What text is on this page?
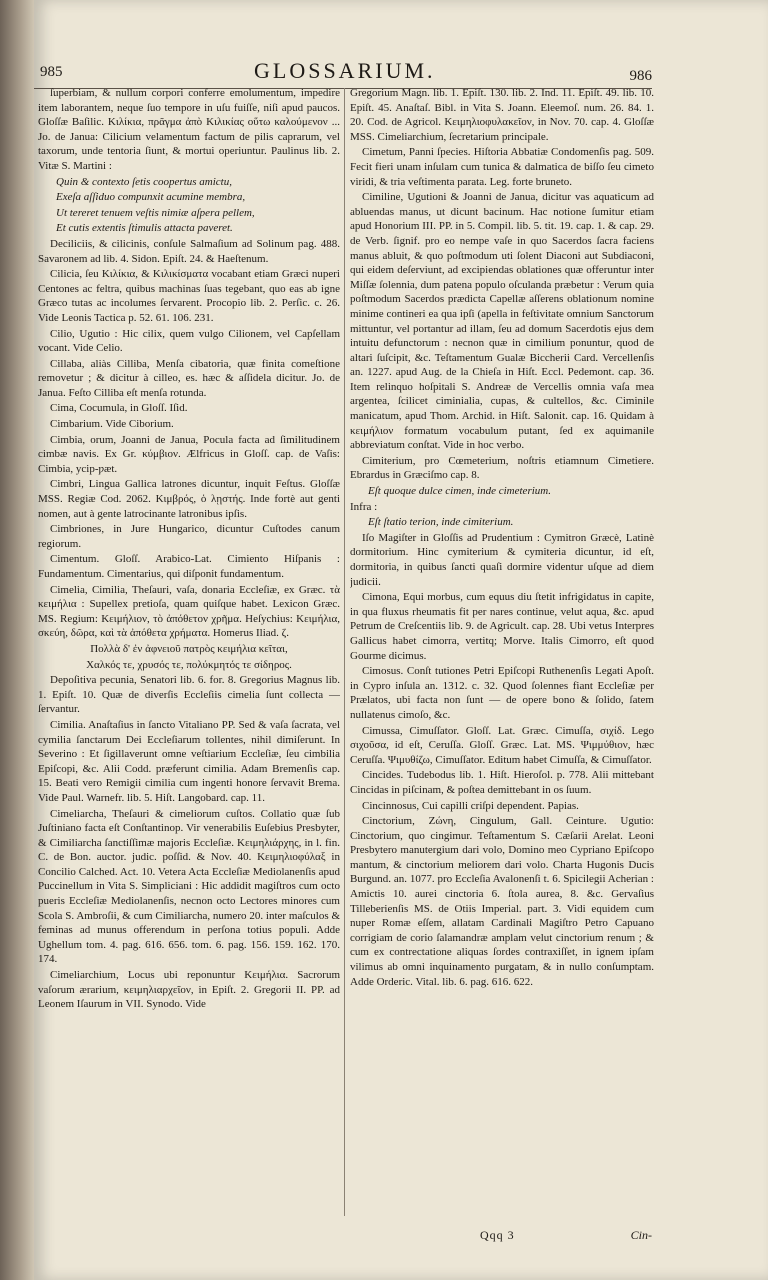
985	GLOSSARIUM.	986

ſuperbiam, & nullum corpori conferre emolumentum, impedire item laborantem, neque ſuo tempore in uſu fuiſſe, niſi apud paucos. Gloſſæ Baſilic. Κιλίκια, πρᾶγμα ἀπὸ Κιλικίας οὕτω καλούμενον ... Jo. de Janua: Cilicium velamentum factum de pilis caprarum, vel taxorum, unde tentoria ſiunt, & mortui operiuntur. Paulinus lib. 2. Vitæ S. Martini :

Quin & contexto ſetis coopertus amictu,

Exeſa aſſiduo compunxit acumine membra,

Ut tereret tenuem veſtis nimiæ aſpera pellem,

Et cutis extentis ſtimulis attacta paveret.

Deciliciis, & cilicinis, conſule Salmaſium ad Solinum pag. 488. Savaronem ad lib. 4. Sidon. Epiſt. 24. & Haeſtenum.

Cilicia, ſeu Κιλίκια, & Κιλικίσματα vocabant etiam Græci nuperi Centones ac feltra, quibus machinas ſuas tegebant, quo eas ab igne Græco tutas ac incolumes ſervarent. Procopio lib. 2. Perſic. c. 26. Vide Leonis Tactica p. 52. 61. 106. 231.

Cilio, Ugutio : Hic cilix, quem vulgo Cilionem, vel Capſellam vocant. Vide Celio.

Cillaba, aliàs Cilliba, Menſa cibatoria, quæ finita comeſtione removetur ; & dicitur à cilleo, es. hæc & aſſidela dicitur. Jo. de Janua. Feſto Cilliba eſt menſa rotunda.

Cima, Cocumula, in Gloſſ. Iſid.

Cimbarium. Vide Ciborium.

Cimbia, orum, Joanni de Janua, Pocula facta ad ſimilitudinem cimbæ navis. Ex Gr. κύμβιον. Ælfricus in Gloſſ. cap. de Vaſis: Cimbia, ycip-ƿæt.

Cimbri, Lingua Gallica latrones dicuntur, inquit Feſtus. Gloſſæ MSS. Regiæ Cod. 2062. Κιμβρός, ὁ λῃστής. Inde fortè aut genti nomen, aut à gente latrocinante latronibus ipſis.

Cimbriones, in Jure Hungarico, dicuntur Cuſtodes canum regiorum.

Cimentum. Gloſſ. Arabico-Lat. Cimiento Hiſpanis : Fundamentum. Cimentarius, qui diſponit fundamentum.

Cimelia, Cimilia, Theſauri, vaſa, donaria Eccleſiæ, ex Græc. τὰ κειμήλια : Supellex pretioſa, quam quiſque habet. Lexicon Græc. MS. Regium: Κειμήλιον, τὸ ἀπόθετον χρῆμα. Heſychius: Κειμήλια, σκεύη, δῶρα, καὶ τὰ ἀπόθετα χρήματα. Homerus Iliad. ζ.

Πολλὰ δ' ἐν ἀφνειοῦ πατρὸς κειμήλια κεῖται,

Χαλκός τε, χρυσός τε, πολύκμητός τε σίδηρος.

Depoſitiva pecunia, Senatori lib. 6. for. 8. Gregorius Magnus lib. 1. Epiſt. 10. Quæ de diverſis Eccleſiis cimelia ſunt collecta — ſervantur.

Cimilia. Anaſtaſius in ſancto Vitaliano PP. Sed & vaſa ſacrata, vel cymilia ſanctarum Dei Eccleſiarum tollentes, nihil dimiſerunt. In Severino : Et ſigillaverunt omne veſtiarium Eccleſiæ, ſeu cimbilia Epiſcopi, &c. Alii Codd. præferunt cimilia. Adam Bremenſis cap. 15. Beati vero Remigii cimilia cum ingenti honore ſervavit Brema. Vide Paul. Warnefr. lib. 5. Hiſt. Langobard. cap. 11.

Cimeliarcha, Theſauri & cimeliorum cuſtos. Collatio quæ ſub Juſtiniano facta eſt Conſtantinop. Vir venerabilis Euſebius Presbyter, & Cimiliarcha ſanctiſſimæ majoris Eccleſiæ. Κειμηλιάρχης, in l. fin. C. de Bon. auctor. judic. poſſid. & Nov. 40. Κειμηλιοφύλαξ in Concilio Calched. Act. 10. Vetera Acta Eccleſiæ Mediolanenſis apud Puccinellum in Vita S. Simpliciani : Hic addidit magiſtros cum octo pueris Eccleſiæ Mediolanenſis, necnon octo Lectores minores cum Scola S. Ambroſii, & cum Cimiliarcha, numero 20. inter maſculos & feminas ad munus offerendum in perſona totius populi. Adde Ughellum tom. 4. pag. 616. 656. tom. 6. pag. 156. 159. 162. 170. 174.

Cimeliarchium, Locus ubi reponuntur Κειμήλια. Sacrorum vaſorum ærarium, κειμηλιαρχεῖον, in Epiſt. 2. Gregorii II. PP. ad Leonem Iſaurum in VII. Synodo. Vide

Gregorium Magn. lib. 1. Epiſt. 130. lib. 2. Ind. 11. Epiſt. 49. lib. 10. Epiſt. 45. Anaſtaſ. Bibl. in Vita S. Joann. Eleemoſ. num. 26. 84. 1. 20. Cod. de Agricol. Κειμηλιοφυλακεῖον, in Nov. 70. cap. 4. Gloſſæ MSS. Cimeliarchium, ſecretarium principale.

Cimetum, Panni ſpecies. Hiſtoria Abbatiæ Condomenſis pag. 509. Fecit fieri unam inſulam cum tunica & dalmatica de biſſo ſeu cimeto viridi, & tria veſtimenta parata. Leg. forte bruneto.

Cimiline, Ugutioni & Joanni de Janua, dicitur vas aquaticum ad abluendas manus, ut dicunt bacinum. Hac notione ſumitur etiam apud Honorium III. PP. in 5. Compil. lib. 5. tit. 19. cap. 1. & cap. 29. de Verb. ſignif. pro eo nempe vaſe in quo Sacerdos ſacra faciens manus abluit, & quo poſtmodum uti ſolent Diaconi aut Subdiaconi, qui eidem deſerviunt, ad excipiendas oblationes quæ offeruntur inter Miſſæ ſolennia, dum patena populo oſculanda præbetur : Verum quia poſtmodum Sacerdos prædicta Capellæ aſſerens oblationum nomine minime contineri ea qua ipſi (apella in feſtivitate omnium Sanctorum mittuntur, vel portantur ad illam, ſeu ad domum Sacerdotis ejus dem intuitu defunctorum : necnon quæ in cimilium ponuntur, quod de altari ſuſcipit, &c. Teſtamentum Gualæ Biccherii Card. Vercellenſis an. 1227. apud Aug. de la Chieſa in Hiſt. Eccl. Pedemont. cap. 36. Item relinquo hoſpitali S. Andreæ de Vercellis omnia vaſa mea argentea, ſcilicet ciminialia, cupas, & cultellos, &c. Ciminile manicatum, apud Thom. Archid. in Hiſt. Salonit. cap. 16. Quidam à κειμήλιον formatum vocabulum putant, ſed ex aquimanile abbreviatum conſtat. Vide in hoc verbo.

Cimiterium, pro Cœmeterium, noſtris etiamnum Cimetiere. Ebrardus in Græciſmo cap. 8.

Eſt quoque dulce cimen, inde cimeterium.

Infra :

Eſt ſtatio terion, inde cimiterium.

Iſo Magiſter in Gloſſis ad Prudentium : Cymitron Græcè, Latinè dormitorium. Hinc cymiterium & cymiteria dicuntur, id eſt, dormitoria, in quibus ſancti quaſi dormire videntur uſque ad diem judicii.

Cimona, Equi morbus, cum equus diu ſtetit infrigidatus in capite, in qua fluxus rheumatis fit per nares continue, velut aqua, &c. apud Petrum de Creſcentiis lib. 9. de Agricult. cap. 28. Ubi vetus Interpres Gallicus habet cimorra, vertitq; Morve. Italis Cimorro, eſt quod Gourme dicimus.

Cimosus. Conſt tutiones Petri Epiſcopi Ruthenenſis Legati Apoſt. in Cypro inſula an. 1312. c. 32. Quod ſolennes fiant Eccleſiæ per Prælatos, ubi facta non ſunt — de opere bono & ſolido, ſatem nullatenus cimoſo, &c.

Cimussa, Cimuſſator. Gloſſ. Lat. Græc. Cimuſſa, σιχίδ. Lego σιχοῦσα, id eſt, Ceruſſa. Gloſſ. Græc. Lat. MS. Ψιμμύθιον, hæc Ceruſſa. Ψιμυθίζω, Cimuſſator. Editum habet Cimuſſa, & Cimuſſator.

Cincides. Tudebodus lib. 1. Hiſt. Hieroſol. p. 778. Alii mittebant Cincidas in piſcinam, & poſtea demittebant in os ſuum.

Cincinnosus, Cui capilli criſpi dependent. Papias.

Cinctorium, Ζώνη, Cingulum, Gall. Ceinture. Ugutio: Cinctorium, quo cingimur. Teſtamentum S. Cæſarii Arelat. Leoni Presbytero manutergium dari volo, Domino meo Cypriano Epiſcopo mantum, & cinctorium meliorem dari volo. Charta Hugonis Ducis Burgund. an. 1077. pro Eccleſia Avalonenſi t. 6. Spicilegii Acherian : Amictis 10. aurei cinctoria 6. ſtola aurea, 8. &c. Gervaſius Tilleberienſis MS. de Otiis Imperial. part. 3. Vidi equidem cum nuper Romæ eſſem, allatam Cardinali Magiſtro Petro Capuano corrigiam de corio ſalamandræ amplam velut cinctorium renum ; & cum ex contrectatione aliquas ſordes contraxiſſet, in ignem ipſam vilimus ab omni inquinamento purgatam, & in nullo conſumptam. Adde Orderic. Vital. lib. 6. pag. 616. 622.

Qqq 3	Cin-
